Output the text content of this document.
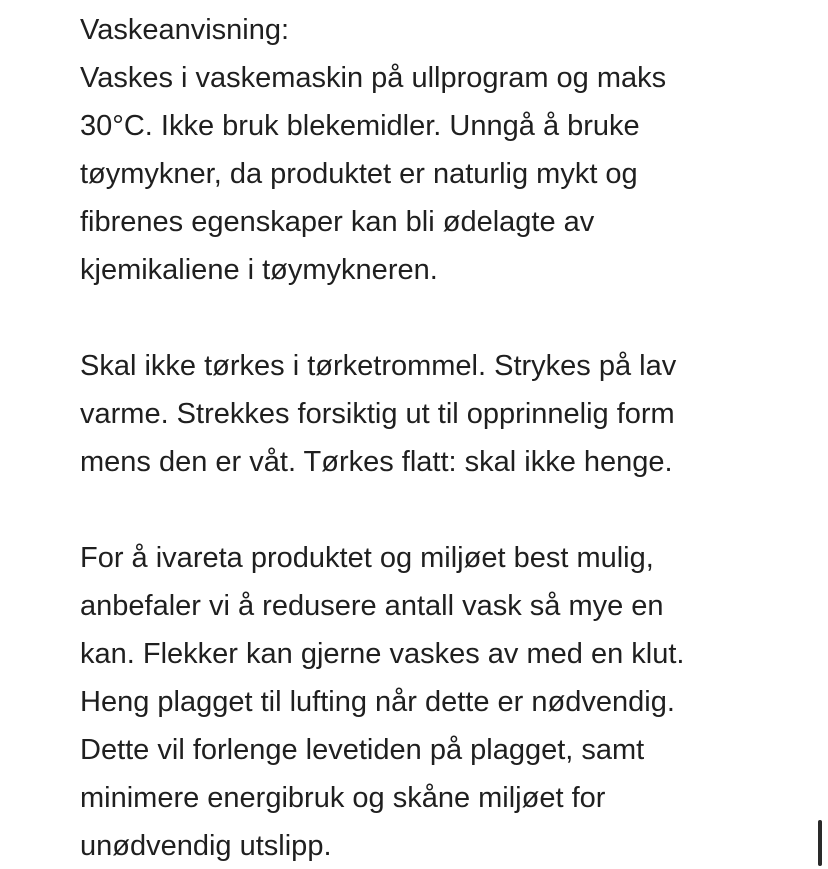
Vaskeanvisning:
Vaskes i vaskemaskin på ullprogram og maks
30°C. Ikke bruk blekemidler. Unngå å bruke
tøymykner, da produktet er naturlig mykt og
fibrenes egenskaper kan bli ødelagte av
kjemikaliene i tøymykneren.
Skal ikke tørkes i tørketrommel. Strykes på lav
varme. Strekkes forsiktig ut til opprinnelig form
mens den er våt. Tørkes flatt: skal ikke henge.
For å ivareta produktet og miljøet best mulig,
anbefaler vi å redusere antall vask så mye en
kan. Flekker kan gjerne vaskes av med en klut.
Heng plagget til lufting når dette er nødvendig.
Dette vil forlenge levetiden på plagget, samt
minimere energibruk og skåne miljøet for
unødvendig utslipp.
